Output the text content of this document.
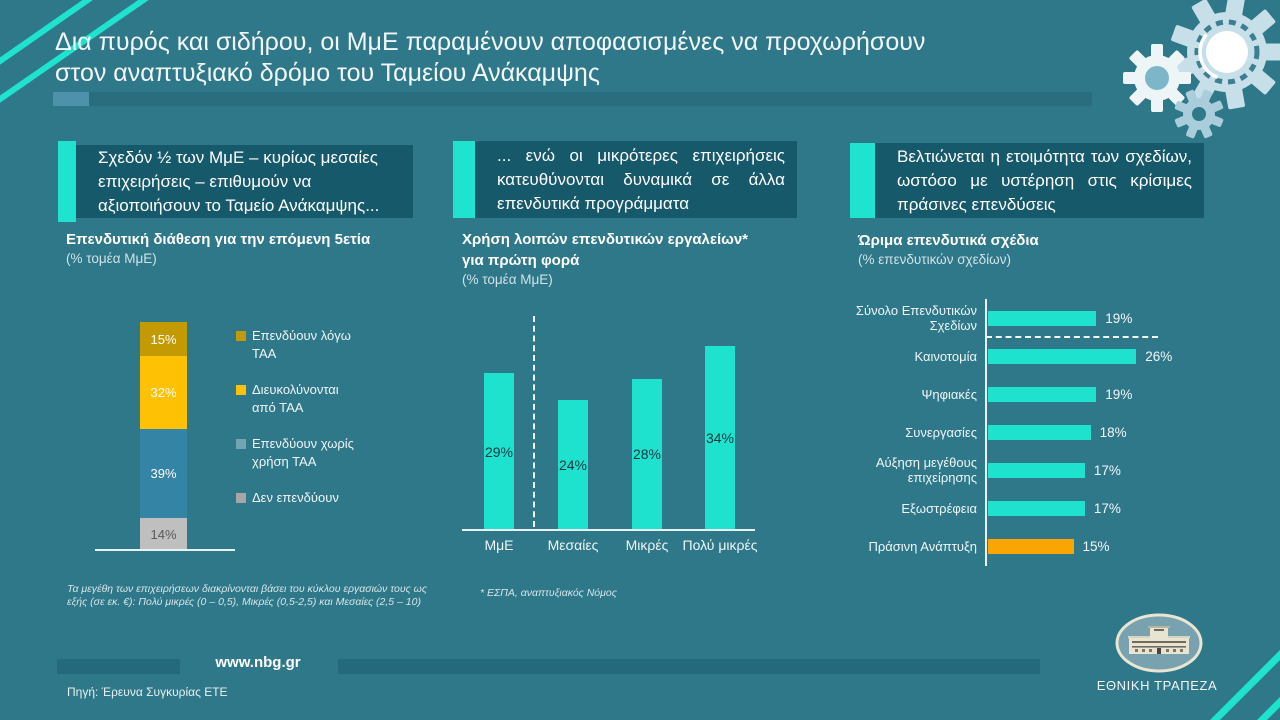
Δια πυρός και σιδήρου, οι ΜμΕ παραμένουν αποφασισμένες να προχωρήσουν
στον αναπτυξιακό δρόμο του Ταμείου Ανάκαμψης
Σχεδόν ½ των ΜμΕ – κυρίως μεσαίες επιχειρήσεις – επιθυμούν να αξιοποιήσουν το Ταμείο Ανάκαμψης...
... ενώ οι μικρότερες επιχειρήσεις κατευθύνονται δυναμικά σε άλλα επενδυτικά προγράμματα
Βελτιώνεται η ετοιμότητα των σχεδίων, ωστόσο με υστέρηση στις κρίσιμες πράσινες επενδύσεις
Επενδυτική διάθεση για την επόμενη 5ετία
(% τομέα ΜμΕ)
Χρήση λοιπών επενδυτικών εργαλείων*
για πρώτη φορά
(% τομέα ΜμΕ)
Ώριμα επενδυτικά σχέδια
(% επενδυτικών σχεδίων)
15%
32%
39%
14%
Επενδύουν λόγω ΤΑΑ
Διευκολύνονται από ΤΑΑ
Επενδύουν χωρίς χρήση ΤΑΑ
Δεν επενδύουν
29%
24%
28%
34%
ΜμΕ	Μεσαίες	Μικρές	Πολύ μικρές
Σύνολο Επενδυτικών Σχεδίων	19%
Καινοτομία	26%
Ψηφιακές	19%
Συνεργασίες	18%
Αύξηση μεγέθους επιχείρησης	17%
Εξωστρέφεια	17%
Πράσινη Ανάπτυξη	15%
Τα μεγέθη των επιχειρήσεων διακρίνονται βάσει του κύκλου εργασιών τους ως εξής (σε εκ. €): Πολύ μικρές (0 – 0,5), Μικρές (0,5-2,5) και Μεσαίες (2,5 – 10)
* ΕΣΠΑ, αναπτυξιακός Νόμος
www.nbg.gr
Πηγή: Έρευνα Συγκυρίας ΕΤΕ	ΕΘΝΙΚΗ ΤΡΑΠΕΖΑ
